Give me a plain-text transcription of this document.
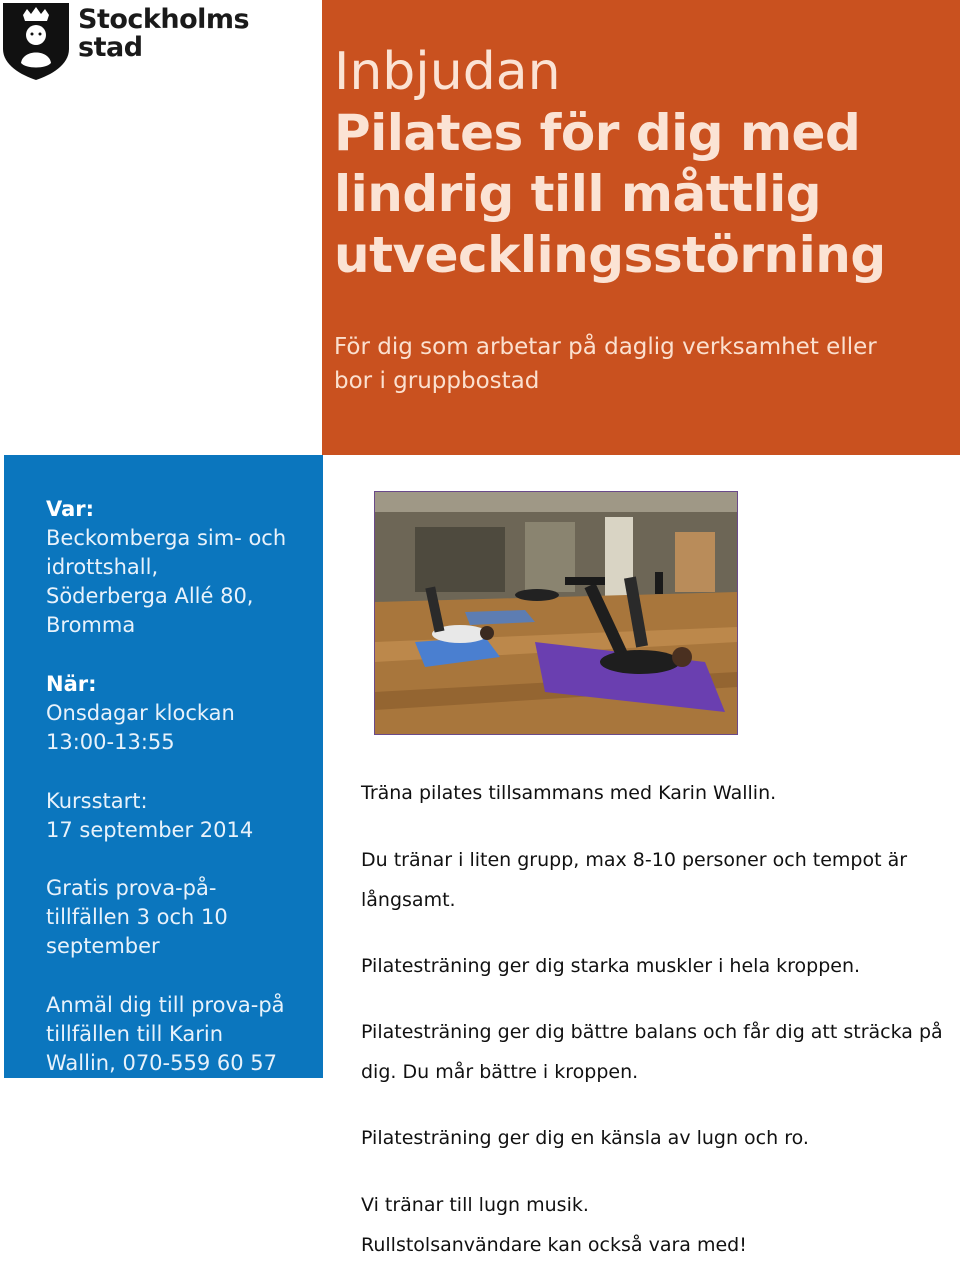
Stockholms
stad	Inbjudan
Pilates för dig med
lindrig till måttlig
utvecklingsstörning
För dig som arbetar på daglig verksamhet eller
bor i gruppbostad
Var:
Beckomberga sim- och
idrottshall,
Söderberga Allé 80,
Bromma
När:
Onsdagar klockan
13:00-13:55
Kursstart:
17 september 2014
Gratis prova-på-
tillfällen 3 och 10
september
Anmäl dig till prova-på
tillfällen till Karin
Wallin, 070-559 60 57
Träna pilates tillsammans med Karin Wallin.
Du tränar i liten grupp, max 8-10 personer och tempot är
långsamt.
Pilatesträning ger dig starka muskler i hela kroppen.
Pilatesträning ger dig bättre balans och får dig att sträcka på
dig. Du mår bättre i kroppen.
Pilatesträning ger dig en känsla av lugn och ro.
Vi tränar till lugn musik.
Rullstolsanvändare kan också vara med!
